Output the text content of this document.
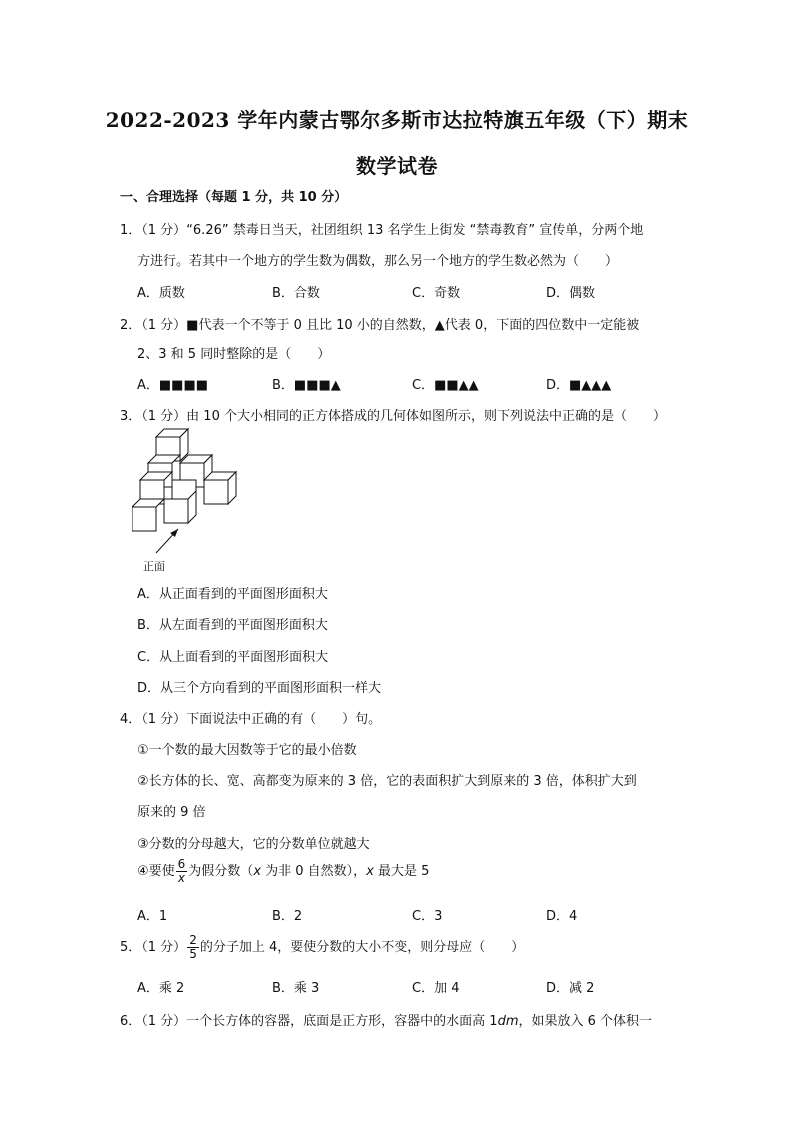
2022-2023 学年内蒙古鄂尔多斯市达拉特旗五年级（下）期末
数学试卷
一、合理选择（每题 1 分，共 10 分）
1．（1 分）“6.26” 禁毒日当天，社团组织 13 名学生上街发 “禁毒教育” 宣传单，分两个地
方进行。若其中一个地方的学生数为偶数，那么另一个地方的学生数必然为（　　）
A．质数	B．合数	C．奇数	D．偶数
2．（1 分）■代表一个不等于 0 且比 10 小的自然数，▲代表 0，下面的四位数中一定能被
2、3 和 5 同时整除的是（　　）
A．■■■■	B．■■■▲	C．■■▲▲	D．■▲▲▲
3．（1 分）由 10 个大小相同的正方体搭成的几何体如图所示，则下列说法中正确的是（　　）
正面
A．从正面看到的平面图形面积大
B．从左面看到的平面图形面积大
C．从上面看到的平面图形面积大
D．从三个方向看到的平面图形面积一样大
4．（1 分）下面说法中正确的有（　　）句。
①一个数的最大因数等于它的最小倍数
②长方体的长、宽、高都变为原来的 3 倍，它的表面积扩大到原来的 3 倍，体积扩大到
原来的 9 倍
③分数的分母越大，它的分数单位就越大
④要使 $\frac{6}{x}$ 为假分数（x 为非 0 自然数），x 最大是 5
A．1	B．2	C．3	D．4
5．（1 分） $\frac{2}{5}$ 的分子加上 4，要使分数的大小不变，则分母应（　　）
A．乘 2	B．乘 3	C．加 4	D．减 2
6．（1 分）一个长方体的容器，底面是正方形，容器中的水面高 1dm，如果放入 6 个体积一
